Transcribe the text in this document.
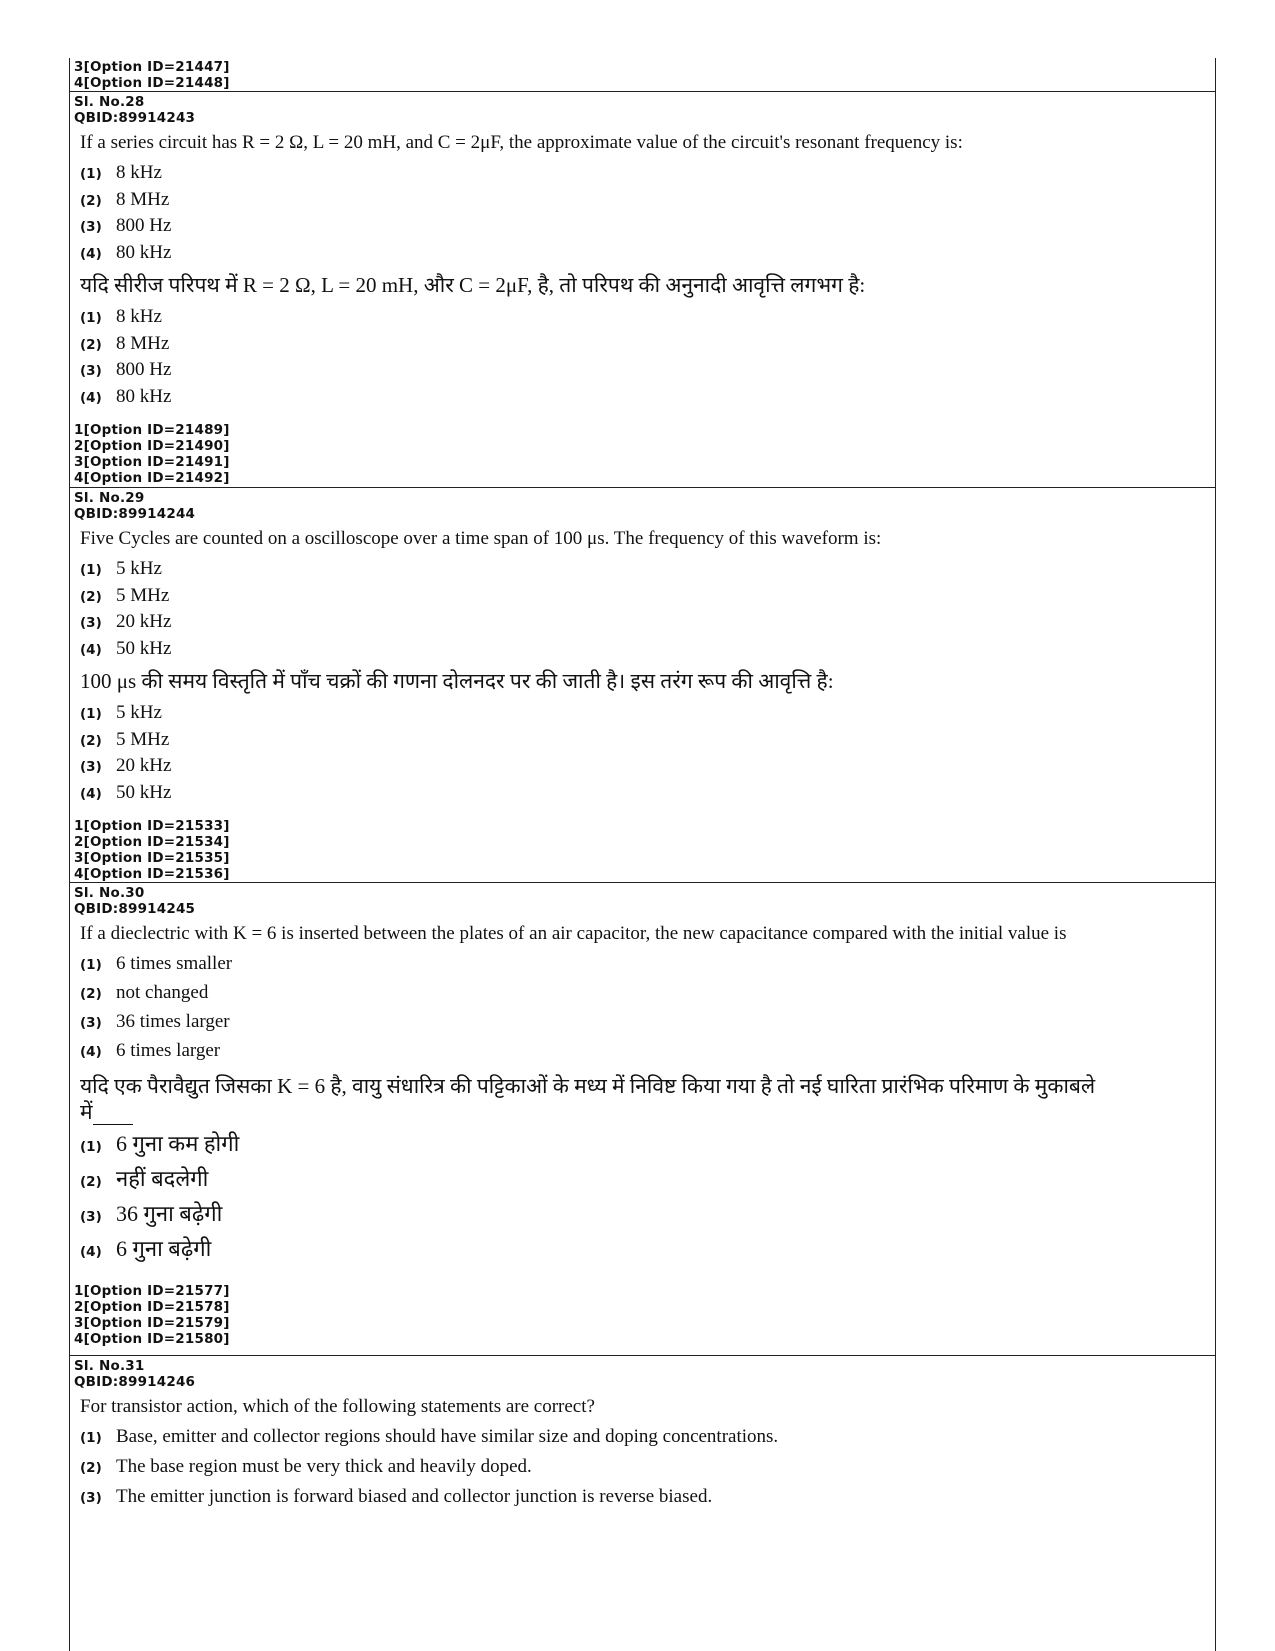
3[Option ID=21447]
4[Option ID=21448]
Sl. No.28
QBID:89914243
If a series circuit has R = 2 Ω, L = 20 mH, and C = 2μF, the approximate value of the circuit's resonant frequency is:
(1) 8 kHz
(2) 8 MHz
(3) 800 Hz
(4) 80 kHz
यदि सीरीज परिपथ में R = 2 Ω, L = 20 mH, और C = 2μF, है, तो परिपथ की अनुनादी आवृत्ति लगभग है:
(1) 8 kHz
(2) 8 MHz
(3) 800 Hz
(4) 80 kHz
1[Option ID=21489]
2[Option ID=21490]
3[Option ID=21491]
4[Option ID=21492]
Sl. No.29
QBID:89914244
Five Cycles are counted on a oscilloscope over a time span of 100 μs. The frequency of this waveform is:
(1) 5 kHz
(2) 5 MHz
(3) 20 kHz
(4) 50 kHz
100 μs की समय विस्तृति में पाँच चक्रों की गणना दोलनदर पर की जाती है। इस तरंग रूप की आवृत्ति है:
(1) 5 kHz
(2) 5 MHz
(3) 20 kHz
(4) 50 kHz
1[Option ID=21533]
2[Option ID=21534]
3[Option ID=21535]
4[Option ID=21536]
Sl. No.30
QBID:89914245
If a dieclectric with K = 6 is inserted between the plates of an air capacitor, the new capacitance compared with the initial value is
(1) 6 times smaller
(2) not changed
(3) 36 times larger
(4) 6 times larger
यदि एक पैरावैद्युत जिसका K = 6 है, वायु संधारित्र की पट्टिकाओं के मध्य में निविष्ट किया गया है तो नई घारिता प्रारंभिक परिमाण के मुकाबले में
(1) 6 गुना कम होगी
(2) नहीं बदलेगी
(3) 36 गुना बढ़ेगी
(4) 6 गुना बढ़ेगी
1[Option ID=21577]
2[Option ID=21578]
3[Option ID=21579]
4[Option ID=21580]
Sl. No.31
QBID:89914246
For transistor action, which of the following statements are correct?
(1) Base, emitter and collector regions should have similar size and doping concentrations.
(2) The base region must be very thick and heavily doped.
(3) The emitter junction is forward biased and collector junction is reverse biased.
